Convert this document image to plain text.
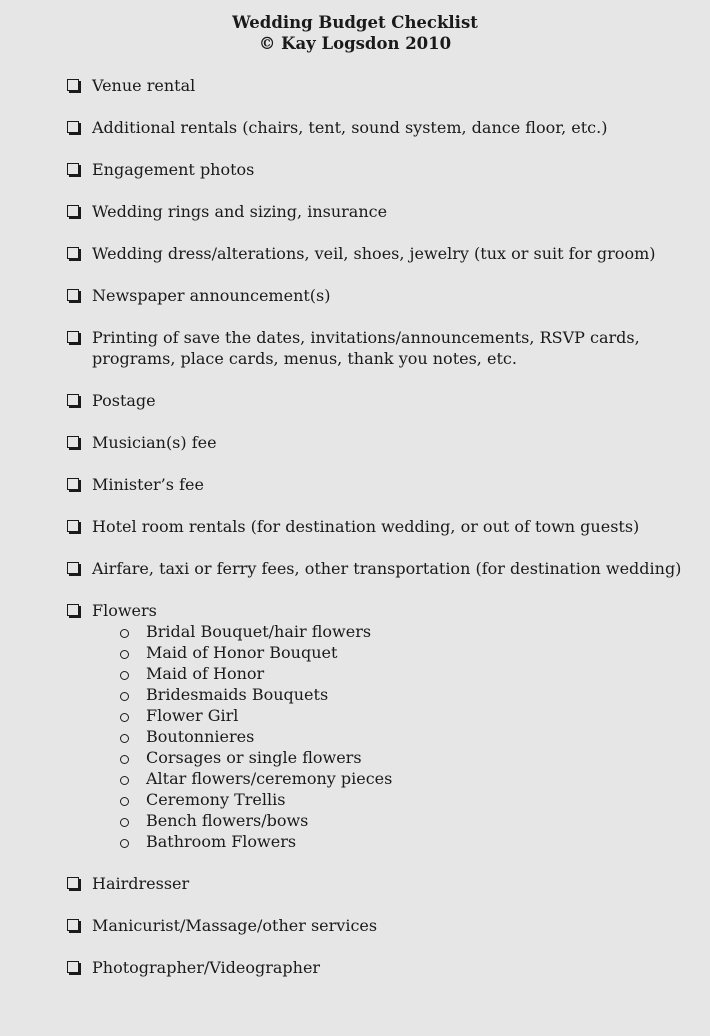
Wedding Budget Checklist
© Kay Logsdon 2010
Venue rental
Additional rentals (chairs, tent, sound system, dance floor, etc.)
Engagement photos
Wedding rings and sizing, insurance
Wedding dress/alterations, veil, shoes, jewelry (tux or suit for groom)
Newspaper announcement(s)
Printing of save the dates, invitations/announcements, RSVP cards,
programs, place cards, menus, thank you notes, etc.
Postage
Musician(s) fee
Minister’s fee
Hotel room rentals (for destination wedding, or out of town guests)
Airfare, taxi or ferry fees, other transportation (for destination wedding)
Flowers
Bridal Bouquet/hair flowers
Maid of Honor Bouquet
Maid of Honor
Bridesmaids Bouquets
Flower Girl
Boutonnieres
Corsages or single flowers
Altar flowers/ceremony pieces
Ceremony Trellis
Bench flowers/bows
Bathroom Flowers
Hairdresser
Manicurist/Massage/other services
Photographer/Videographer
